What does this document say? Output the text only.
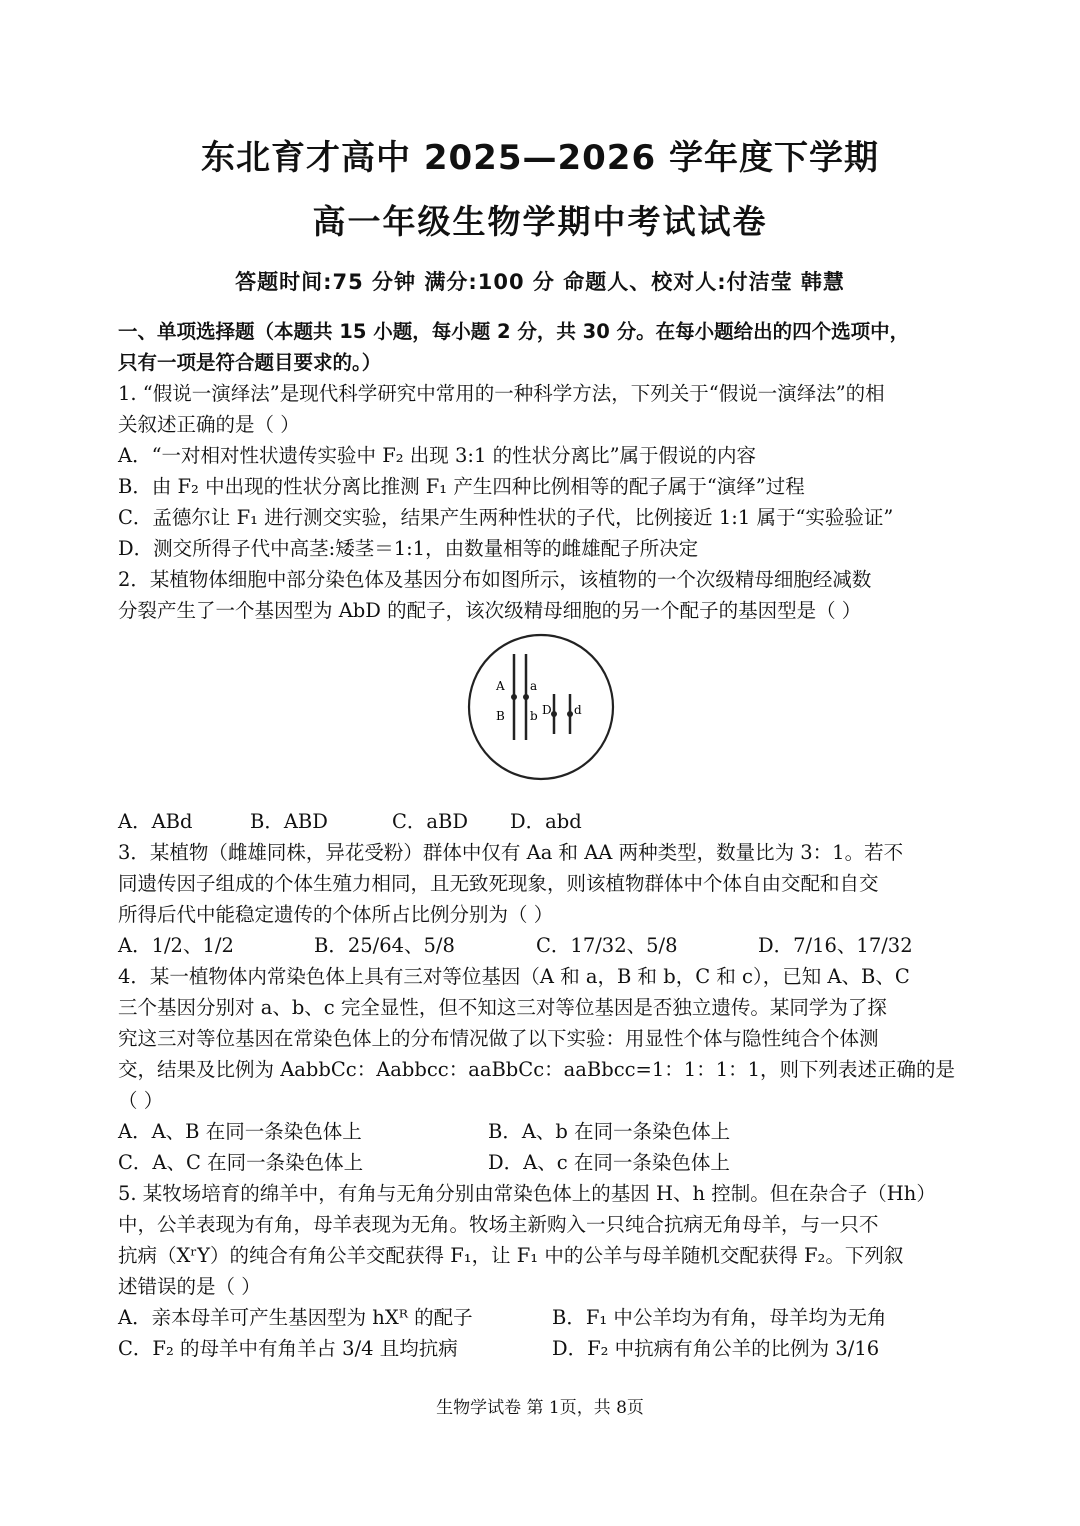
东北育才高中 2025—2026 学年度下学期
高一年级生物学期中考试试卷
答题时间:75 分钟 满分:100 分 命题人、校对人:付洁莹 韩慧

一、单项选择题（本题共 15 小题，每小题 2 分，共 30 分。在每小题给出的四个选项中，

只有一项是符合题目要求的。）

1. “假说一演绎法”是现代科学研究中常用的一种科学方法，下列关于“假说一演绎法”的相

关叙述正确的是（ ）

A．“一对相对性状遗传实验中 F₂ 出现 3:1 的性状分离比”属于假说的内容

B．由 F₂ 中出现的性状分离比推测 F₁ 产生四种比例相等的配子属于“演绎”过程

C．孟德尔让 F₁ 进行测交实验，结果产生两种性状的子代，比例接近 1:1 属于“实验验证”

D．测交所得子代中高茎:矮茎＝1:1，由数量相等的雌雄配子所决定

2．某植物体细胞中部分染色体及基因分布如图所示，该植物的一个次级精母细胞经减数

分裂产生了一个基因型为 AbD 的配子，该次级精母细胞的另一个配子的基因型是（ ）

A a
B b D d
A．ABd	B．ABD	C．aBD	D．abd

3．某植物（雌雄同株，异花受粉）群体中仅有 Aa 和 AA 两种类型，数量比为 3：1。若不

同遗传因子组成的个体生殖力相同，且无致死现象，则该植物群体中个体自由交配和自交

所得后代中能稳定遗传的个体所占比例分别为（ ）

A．1/2、1/2	B．25/64、5/8	C．17/32、5/8	D．7/16、17/32

4．某一植物体内常染色体上具有三对等位基因（A 和 a，B 和 b，C 和 c），已知 A、B、C

三个基因分别对 a、b、c 完全显性，但不知这三对等位基因是否独立遗传。某同学为了探

究这三对等位基因在常染色体上的分布情况做了以下实验：用显性个体与隐性纯合个体测

交，结果及比例为 AabbCc：Aabbcc：aaBbCc：aaBbcc=1：1：1：1，则下列表述正确的是

（ ）

A．A、B 在同一条染色体上	B．A、b 在同一条染色体上
C．A、C 在同一条染色体上	D．A、c 在同一条染色体上

5. 某牧场培育的绵羊中，有角与无角分别由常染色体上的基因 H、h 控制。但在杂合子（Hh）

中，公羊表现为有角，母羊表现为无角。牧场主新购入一只纯合抗病无角母羊，与一只不

抗病（XʳY）的纯合有角公羊交配获得 F₁，让 F₁ 中的公羊与母羊随机交配获得 F₂。下列叙

述错误的是（ ）

A．亲本母羊可产生基因型为 hXᴿ 的配子	B．F₁ 中公羊均为有角，母羊均为无角
C．F₂ 的母羊中有角羊占 3/4 且均抗病	D．F₂ 中抗病有角公羊的比例为 3/16
生物学试卷 第 1页，共 8页
